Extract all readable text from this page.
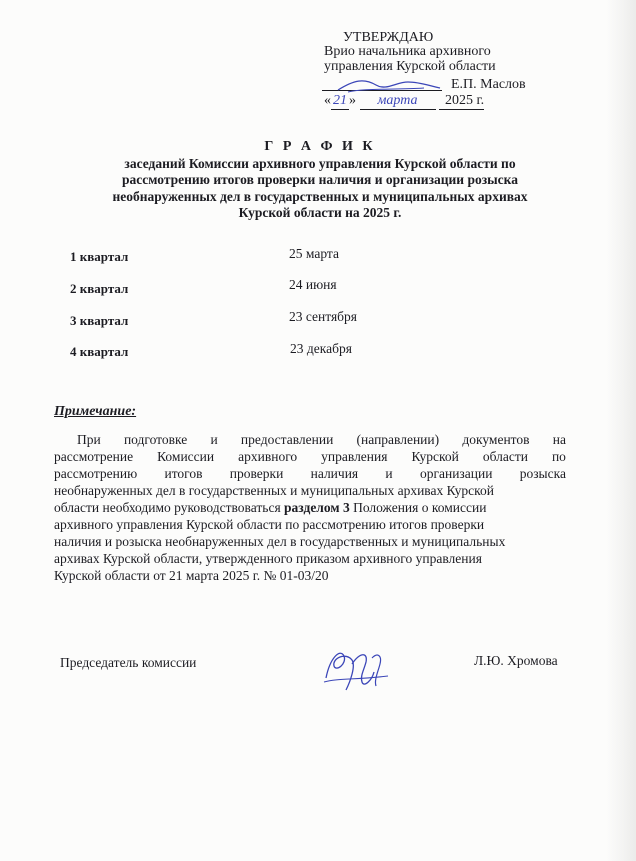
УТВЕРЖДАЮ
Врио начальника архивного
управления Курской области
Е.П. Маслов
« 21 » марта 2025 г.
Г Р А Ф И К
заседаний Комиссии архивного управления Курской области по
рассмотрению итогов проверки наличия и организации розыска
необнаруженных дел в государственных и муниципальных архивах
Курской области на 2025 г.
1 квартал	25 марта
2 квартал	24 июня
3 квартал	23 сентября
4 квартал	23 декабря
Примечание:
При подготовке и предоставлении (направлении) документов на
рассмотрение Комиссии архивного управления Курской области по
рассмотрению итогов проверки наличия и организации розыска
необнаруженных дел в государственных и муниципальных архивах Курской
области необходимо руководствоваться разделом 3 Положения о комиссии
архивного управления Курской области по рассмотрению итогов проверки
наличия и розыска необнаруженных дел в государственных и муниципальных
архивах Курской области, утвержденного приказом архивного управления
Курской области от 21 марта 2025 г. № 01-03/20
Председатель комиссии	Л.Ю. Хромова
